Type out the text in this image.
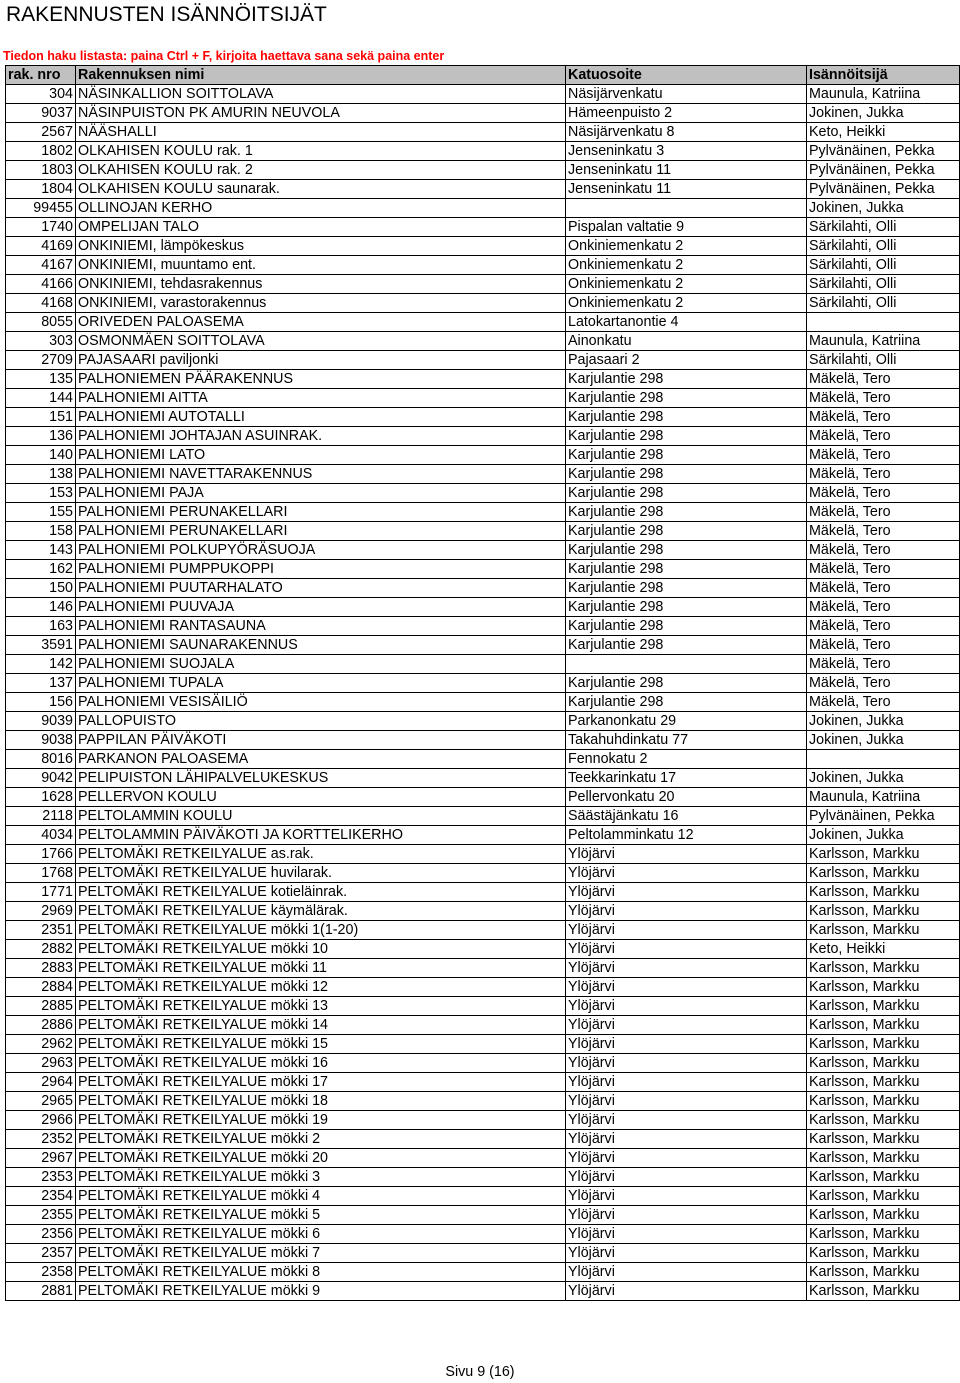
RAKENNUSTEN ISÄNNÖITSIJÄT
Tiedon haku listasta: paina Ctrl + F, kirjoita haettava sana sekä paina enter
rak. nro	Rakennuksen nimi	Katuosoite	Isännöitsijä
304	NÄSINKALLION SOITTOLAVA	Näsijärvenkatu	Maunula, Katriina
9037	NÄSINPUISTON PK AMURIN NEUVOLA	Hämeenpuisto 2	Jokinen, Jukka
2567	NÄÄSHALLI	Näsijärvenkatu 8	Keto, Heikki
1802	OLKAHISEN KOULU rak. 1	Jenseninkatu 3	Pylvänäinen, Pekka
1803	OLKAHISEN KOULU rak. 2	Jenseninkatu 11	Pylvänäinen, Pekka
1804	OLKAHISEN KOULU saunarak.	Jenseninkatu 11	Pylvänäinen, Pekka
99455	OLLINOJAN KERHO		Jokinen, Jukka
1740	OMPELIJAN TALO	Pispalan valtatie 9	Särkilahti, Olli
4169	ONKINIEMI, lämpökeskus	Onkiniemenkatu 2	Särkilahti, Olli
4167	ONKINIEMI, muuntamo ent.	Onkiniemenkatu 2	Särkilahti, Olli
4166	ONKINIEMI, tehdasrakennus	Onkiniemenkatu 2	Särkilahti, Olli
4168	ONKINIEMI, varastorakennus	Onkiniemenkatu 2	Särkilahti, Olli
8055	ORIVEDEN PALOASEMA	Latokartanontie 4	
303	OSMONMÄEN SOITTOLAVA	Ainonkatu	Maunula, Katriina
2709	PAJASAARI paviljonki	Pajasaari 2	Särkilahti, Olli
135	PALHONIEMEN PÄÄRAKENNUS	Karjulantie 298	Mäkelä, Tero
144	PALHONIEMI AITTA	Karjulantie 298	Mäkelä, Tero
151	PALHONIEMI AUTOTALLI	Karjulantie 298	Mäkelä, Tero
136	PALHONIEMI JOHTAJAN ASUINRAK.	Karjulantie 298	Mäkelä, Tero
140	PALHONIEMI LATO	Karjulantie 298	Mäkelä, Tero
138	PALHONIEMI NAVETTARAKENNUS	Karjulantie 298	Mäkelä, Tero
153	PALHONIEMI PAJA	Karjulantie 298	Mäkelä, Tero
155	PALHONIEMI PERUNAKELLARI	Karjulantie 298	Mäkelä, Tero
158	PALHONIEMI PERUNAKELLARI	Karjulantie 298	Mäkelä, Tero
143	PALHONIEMI POLKUPYÖRÄSUOJA	Karjulantie 298	Mäkelä, Tero
162	PALHONIEMI PUMPPUKOPPI	Karjulantie 298	Mäkelä, Tero
150	PALHONIEMI PUUTARHALATO	Karjulantie 298	Mäkelä, Tero
146	PALHONIEMI PUUVAJA	Karjulantie 298	Mäkelä, Tero
163	PALHONIEMI RANTASAUNA	Karjulantie 298	Mäkelä, Tero
3591	PALHONIEMI SAUNARAKENNUS	Karjulantie 298	Mäkelä, Tero
142	PALHONIEMI SUOJALA		Mäkelä, Tero
137	PALHONIEMI TUPALA	Karjulantie 298	Mäkelä, Tero
156	PALHONIEMI VESISÄILIÖ	Karjulantie 298	Mäkelä, Tero
9039	PALLOPUISTO	Parkanonkatu 29	Jokinen, Jukka
9038	PAPPILAN PÄIVÄKOTI	Takahuhdinkatu 77	Jokinen, Jukka
8016	PARKANON PALOASEMA	Fennokatu 2	
9042	PELIPUISTON LÄHIPALVELUKESKUS	Teekkarinkatu 17	Jokinen, Jukka
1628	PELLERVON KOULU	Pellervonkatu 20	Maunula, Katriina
2118	PELTOLAMMIN KOULU	Säästäjänkatu 16	Pylvänäinen, Pekka
4034	PELTOLAMMIN PÄIVÄKOTI JA KORTTELIKERHO	Peltolamminkatu 12	Jokinen, Jukka
1766	PELTOMÄKI RETKEILYALUE as.rak.	Ylöjärvi	Karlsson, Markku
1768	PELTOMÄKI RETKEILYALUE huvilarak.	Ylöjärvi	Karlsson, Markku
1771	PELTOMÄKI RETKEILYALUE kotieläinrak.	Ylöjärvi	Karlsson, Markku
2969	PELTOMÄKI RETKEILYALUE käymälärak.	Ylöjärvi	Karlsson, Markku
2351	PELTOMÄKI RETKEILYALUE mökki 1(1-20)	Ylöjärvi	Karlsson, Markku
2882	PELTOMÄKI RETKEILYALUE mökki 10	Ylöjärvi	Keto, Heikki
2883	PELTOMÄKI RETKEILYALUE mökki 11	Ylöjärvi	Karlsson, Markku
2884	PELTOMÄKI RETKEILYALUE mökki 12	Ylöjärvi	Karlsson, Markku
2885	PELTOMÄKI RETKEILYALUE mökki 13	Ylöjärvi	Karlsson, Markku
2886	PELTOMÄKI RETKEILYALUE mökki 14	Ylöjärvi	Karlsson, Markku
2962	PELTOMÄKI RETKEILYALUE mökki 15	Ylöjärvi	Karlsson, Markku
2963	PELTOMÄKI RETKEILYALUE mökki 16	Ylöjärvi	Karlsson, Markku
2964	PELTOMÄKI RETKEILYALUE mökki 17	Ylöjärvi	Karlsson, Markku
2965	PELTOMÄKI RETKEILYALUE mökki 18	Ylöjärvi	Karlsson, Markku
2966	PELTOMÄKI RETKEILYALUE mökki 19	Ylöjärvi	Karlsson, Markku
2352	PELTOMÄKI RETKEILYALUE mökki 2	Ylöjärvi	Karlsson, Markku
2967	PELTOMÄKI RETKEILYALUE mökki 20	Ylöjärvi	Karlsson, Markku
2353	PELTOMÄKI RETKEILYALUE mökki 3	Ylöjärvi	Karlsson, Markku
2354	PELTOMÄKI RETKEILYALUE mökki 4	Ylöjärvi	Karlsson, Markku
2355	PELTOMÄKI RETKEILYALUE mökki 5	Ylöjärvi	Karlsson, Markku
2356	PELTOMÄKI RETKEILYALUE mökki 6	Ylöjärvi	Karlsson, Markku
2357	PELTOMÄKI RETKEILYALUE mökki 7	Ylöjärvi	Karlsson, Markku
2358	PELTOMÄKI RETKEILYALUE mökki 8	Ylöjärvi	Karlsson, Markku
2881	PELTOMÄKI RETKEILYALUE mökki 9	Ylöjärvi	Karlsson, Markku
Sivu 9 (16)
